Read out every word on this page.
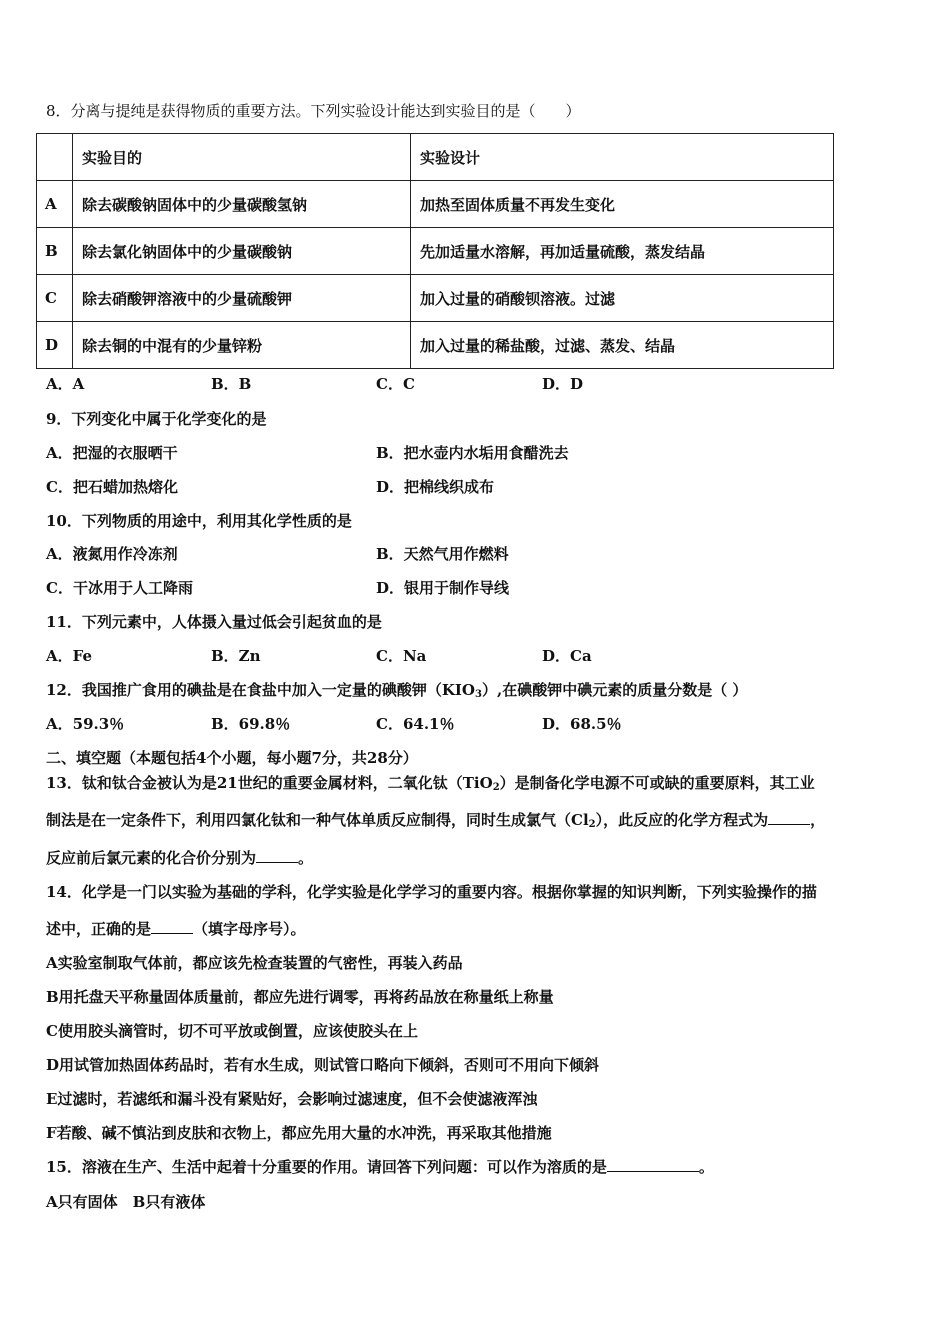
8．分离与提纯是获得物质的重要方法。下列实验设计能达到实验目的是（　　）
	实验目的	实验设计
A	除去碳酸钠固体中的少量碳酸氢钠	加热至固体质量不再发生变化
B	除去氯化钠固体中的少量碳酸钠	先加适量水溶解，再加适量硫酸，蒸发结晶
C	除去硝酸钾溶液中的少量硫酸钾	加入过量的硝酸钡溶液。过滤
D	除去铜的中混有的少量锌粉	加入过量的稀盐酸，过滤、蒸发、结晶
A．A	B．B	C．C	D．D
9．下列变化中属于化学变化的是
A．把湿的衣服晒干	B．把水壶内水垢用食醋洗去
C．把石蜡加热熔化	D．把棉线织成布
10．下列物质的用途中，利用其化学性质的是
A．液氮用作冷冻剂	B．天然气用作燃料
C．干冰用于人工降雨	D．银用于制作导线
11．下列元素中，人体摄入量过低会引起贫血的是
A．Fe	B．Zn	C．Na	D．Ca
12．我国推广食用的碘盐是在食盐中加入一定量的碘酸钾$(KIO_3)$,在碘酸钾中碘元素的质量分数是（ ）
A．59.3％	B．69.8％	C．64.1％	D．68.5％
二、填空题（本题包括4个小题，每小题7分，共28分）
13．钛和钛合金被认为是21世纪的重要金属材料，二氧化钛（TiO$_2$）是制备化学电源不可或缺的重要原料，其工业
制法是在一定条件下，利用四氯化钛和一种气体单质反应制得，同时生成氯气$(Cl_2)$，此反应的化学方程式为	，
反应前后氯元素的化合价分别为	。
14．化学是一门以实验为基础的学科，化学实验是化学学习的重要内容。根据你掌握的知识判断，下列实验操作的描
述中，正确的是	（填字母序号）。
A实验室制取气体前，都应该先检查装置的气密性，再装入药品
B用托盘天平称量固体质量前，都应先进行调零，再将药品放在称量纸上称量
C使用胶头滴管时，切不可平放或倒置，应该使胶头在上
D用试管加热固体药品时，若有水生成，则试管口略向下倾斜，否则可不用向下倾斜
E过滤时，若滤纸和漏斗没有紧贴好，会影响过滤速度，但不会使滤液浑浊
F若酸、碱不慎沾到皮肤和衣物上，都应先用大量的水冲洗，再采取其他措施
15．溶液在生产、生活中起着十分重要的作用。请回答下列问题：可以作为溶质的是	。
A只有固体　B只有液体
